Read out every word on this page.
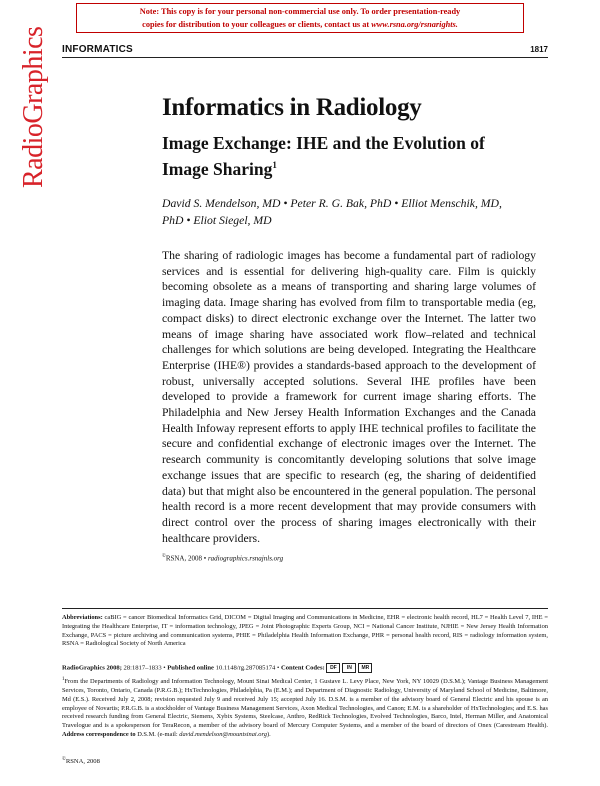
Note: This copy is for your personal non-commercial use only. To order presentation-ready
copies for distribution to your colleagues or clients, contact us at www.rsna.org/rsnarights.
INFORMATICS	1817
RadioGraphics	Informatics in Radiology
Image Exchange: IHE and the Evolution of Image Sharing$^1$
David S. Mendelson, MD • Peter R. G. Bak, PhD • Elliot Menschik, MD,
PhD • Eliot Siegel, MD
The sharing of radiologic images has become a fundamental part of radiology services and is essential for delivering high-quality care. Film is quickly becoming obsolete as a means of transporting and sharing large volumes of imaging data. Image sharing has evolved from film to transportable media (eg, compact disks) to direct electronic exchange over the Internet. The latter two means of image sharing have associated work flow–related and technical challenges for which solutions are being developed. Integrating the Healthcare Enterprise (IHE®) provides a standards-based approach to the development of robust, universally accepted solutions. Several IHE profiles have been developed to provide a framework for current image sharing efforts. The Philadelphia and New Jersey Health Information Exchanges and the Canada Health Infoway represent efforts to apply IHE technical profiles to facilitate the secure and confidential exchange of electronic images over the Internet. The research community is concomitantly developing solutions that solve image exchange issues that are specific to research (eg, the sharing of deidentified data) but that might also be encountered in the general population. The personal health record is a more recent development that may provide consumers with direct control over the process of sharing images electronically with their healthcare providers.
©RSNA, 2008 • radiographics.rsnajnls.org
Abbreviations: caBIG = cancer Biomedical Informatics Grid, DICOM = Digital Imaging and Communications in Medicine, EHR = electronic health record, HL7 = Health Level 7, IHE = Integrating the Healthcare Enterprise, IT = information technology, JPEG = Joint Photographic Experts Group, NCI = National Cancer Institute, NJHIE = New Jersey Health Information Exchange, PACS = picture archiving and communication systems, PHIE = Philadelphia Health Information Exchange, PHR = personal health record, RIS = radiology information system, RSNA = Radiological Society of North America
RadioGraphics 2008; 28:1817–1833 • Published online 10.1148/rg.287085174 • Content Codes: DF IN MR
$^1$From the Departments of Radiology and Information Technology, Mount Sinai Medical Center, 1 Gustave L. Levy Place, New York, NY 10029 (D.S.M.); Vantage Business Management Services, Toronto, Ontario, Canada (P.R.G.B.); HxTechnologies, Philadelphia, Pa (E.M.); and Department of Diagnostic Radiology, University of Maryland School of Medicine, Baltimore, Md (E.S.). Received July 2, 2008; revision requested July 9 and received July 15; accepted July 16. D.S.M. is a member of the advisory board of General Electric and his spouse is an employee of Novartis; P.R.G.B. is a stockholder of Vantage Business Management Services, Axon Medical Technologies, and Canon; E.M. is a shareholder of HxTechnologies; and E.S. has received research funding from General Electric, Siemens, Xybix Systems, Steelcase, Anthro, RedRick Technologies, Evolved Technologies, Barco, Intel, Herman Miller, and Anatomical Travelogue and is a spokesperson for TeraRecon, a member of the advisory board of Mercury Computer Systems, and a member of the board of directors of Onex (Carestream Health). Address correspondence to D.S.M. (e-mail: david.mendelson@mountsinai.org).
©RSNA, 2008
